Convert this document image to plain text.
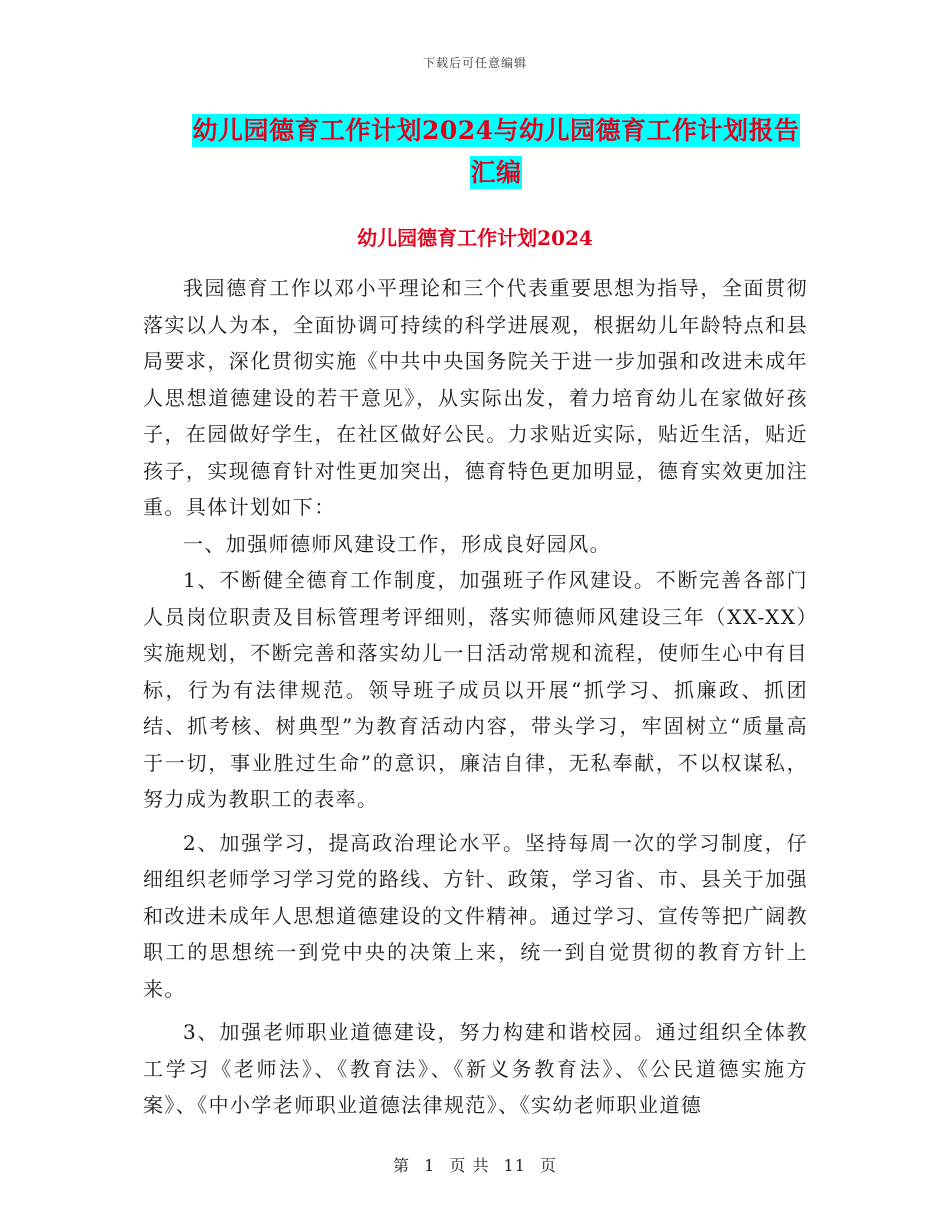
下载后可任意编辑
幼儿园德育工作计划2024与幼儿园德育工作计划报告
汇编
幼儿园德育工作计划2024

我园德育工作以邓小平理论和三个代表重要思想为指导，全面贯彻落实以人为本，全面协调可持续的科学进展观，根据幼儿年龄特点和县局要求，深化贯彻实施《中共中央国务院关于进一步加强和改进未成年人思想道德建设的若干意见》，从实际出发，着力培育幼儿在家做好孩子，在园做好学生，在社区做好公民。力求贴近实际，贴近生活，贴近孩子，实现德育针对性更加突出，德育特色更加明显，德育实效更加注重。具体计划如下：

一、加强师德师风建设工作，形成良好园风。

1、不断健全德育工作制度，加强班子作风建设。不断完善各部门人员岗位职责及目标管理考评细则，落实师德师风建设三年（XX-XX）实施规划，不断完善和落实幼儿一日活动常规和流程，使师生心中有目标，行为有法律规范。领导班子成员以开展“抓学习、抓廉政、抓团结、抓考核、树典型”为教育活动内容，带头学习，牢固树立“质量高于一切，事业胜过生命”的意识，廉洁自律，无私奉献，不以权谋私，努力成为教职工的表率。

2、加强学习，提高政治理论水平。坚持每周一次的学习制度，仔细组织老师学习学习党的路线、方针、政策，学习省、市、县关于加强和改进未成年人思想道德建设的文件精神。通过学习、宣传等把广阔教职工的思想统一到党中央的决策上来，统一到自觉贯彻的教育方针上来。

3、加强老师职业道德建设，努力构建和谐校园。通过组织全体教工学习《老师法》、《教育法》、《新义务教育法》、《公民道德实施方案》、《中小学老师职业道德法律规范》、《实幼老师职业道德

第 1 页 共 11 页
